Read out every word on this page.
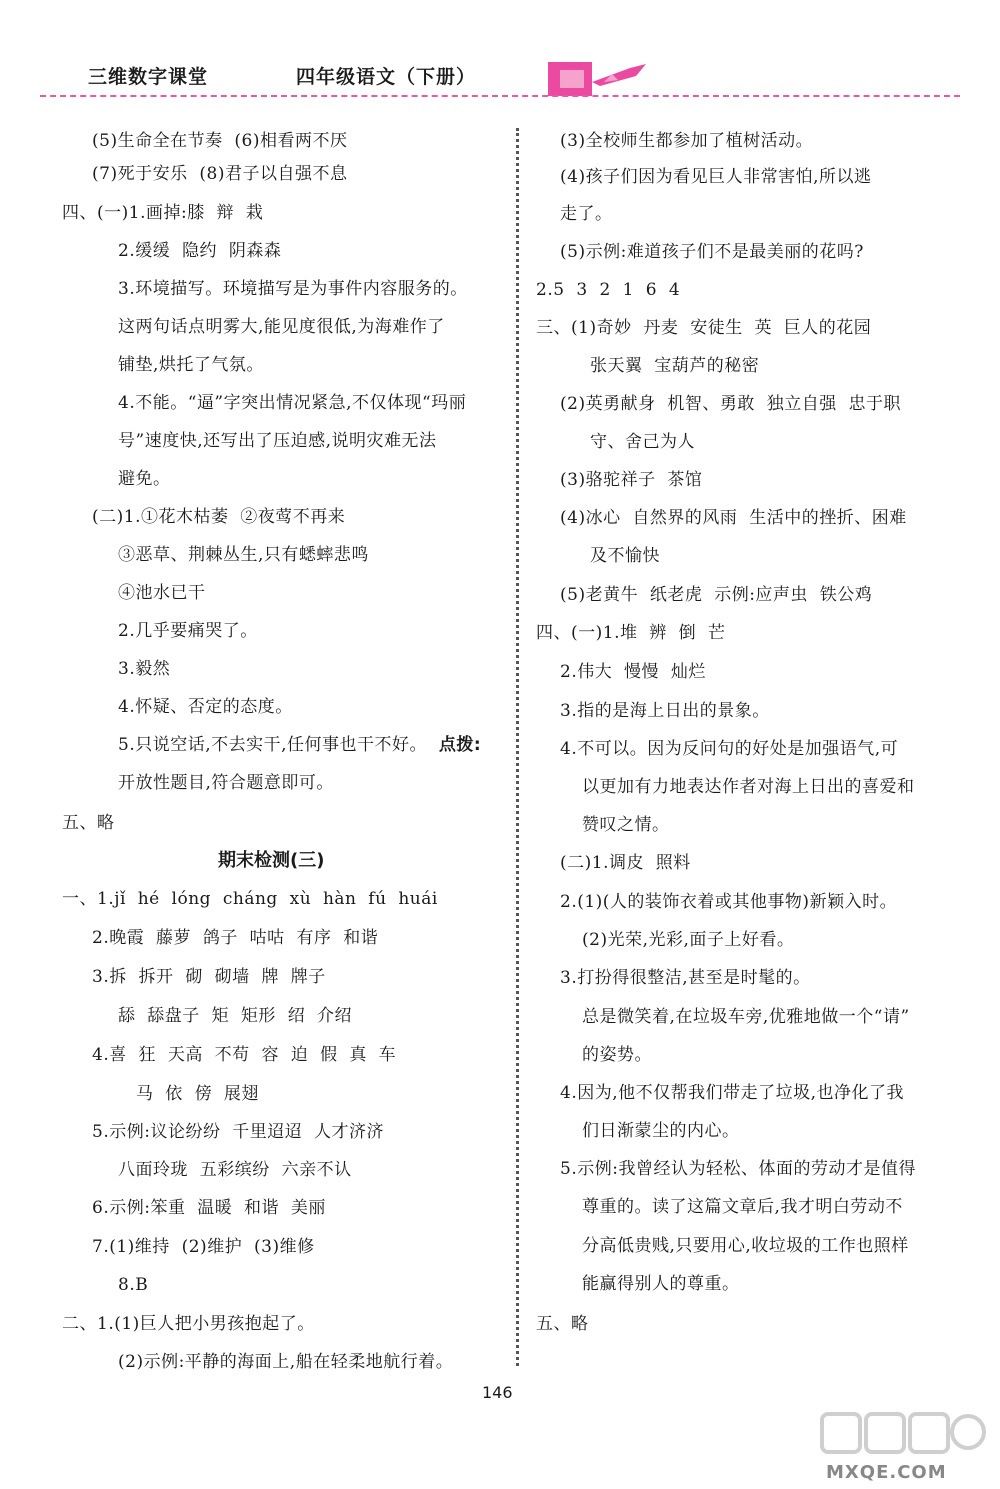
三维数字课堂	四年级语文（下册）
(5)生命全在节奏  (6)相看两不厌
(7)死于安乐  (8)君子以自强不息
四、(一)1.画掉:膝  辩  栽
2.缓缓  隐约  阴森森
3.环境描写。环境描写是为事件内容服务的。
这两句话点明雾大,能见度很低,为海难作了
铺垫,烘托了气氛。
4.不能。“逼”字突出情况紧急,不仅体现“玛丽
号”速度快,还写出了压迫感,说明灾难无法
避免。
(二)1.①花木枯萎  ②夜莺不再来
③恶草、荆棘丛生,只有蟋蟀悲鸣
④池水已干
2.几乎要痛哭了。
3.毅然
4.怀疑、否定的态度。
5.只说空话,不去实干,任何事也干不好。 点拨:
开放性题目,符合题意即可。
五、略
期末检测(三)
一、1.jǐ  hé  lóng  cháng  xù  hàn  fú  huái
2.晚霞  藤萝  鸽子  咕咕  有序  和谐
3.拆  拆开  砌  砌墙  牌  牌子
舔  舔盘子  矩  矩形  绍  介绍
4.喜  狂  天高  不苟  容  迫  假  真  车
马  依  傍  展翅
5.示例:议论纷纷  千里迢迢  人才济济
八面玲珑  五彩缤纷  六亲不认
6.示例:笨重  温暖  和谐  美丽
7.(1)维持  (2)维护  (3)维修
8.B
二、1.(1)巨人把小男孩抱起了。
(2)示例:平静的海面上,船在轻柔地航行着。
(3)全校师生都参加了植树活动。
(4)孩子们因为看见巨人非常害怕,所以逃
走了。
(5)示例:难道孩子们不是最美丽的花吗?
2.5  3  2  1  6  4
三、(1)奇妙  丹麦  安徒生  英  巨人的花园
张天翼  宝葫芦的秘密
(2)英勇献身  机智、勇敢  独立自强  忠于职
守、舍己为人
(3)骆驼祥子  茶馆
(4)冰心  自然界的风雨  生活中的挫折、困难
及不愉快
(5)老黄牛  纸老虎  示例:应声虫  铁公鸡
四、(一)1.堆  辨  倒  芒
2.伟大  慢慢  灿烂
3.指的是海上日出的景象。
4.不可以。因为反问句的好处是加强语气,可
以更加有力地表达作者对海上日出的喜爱和
赞叹之情。
(二)1.调皮  照料
2.(1)(人的装饰衣着或其他事物)新颖入时。
(2)光荣,光彩,面子上好看。
3.打扮得很整洁,甚至是时髦的。
总是微笑着,在垃圾车旁,优雅地做一个“请”
的姿势。
4.因为,他不仅帮我们带走了垃圾,也净化了我
们日渐蒙尘的内心。
5.示例:我曾经认为轻松、体面的劳动才是值得
尊重的。读了这篇文章后,我才明白劳动不
分高低贵贱,只要用心,收垃圾的工作也照样
能赢得别人的尊重。
五、略
146
MXQE.COM
